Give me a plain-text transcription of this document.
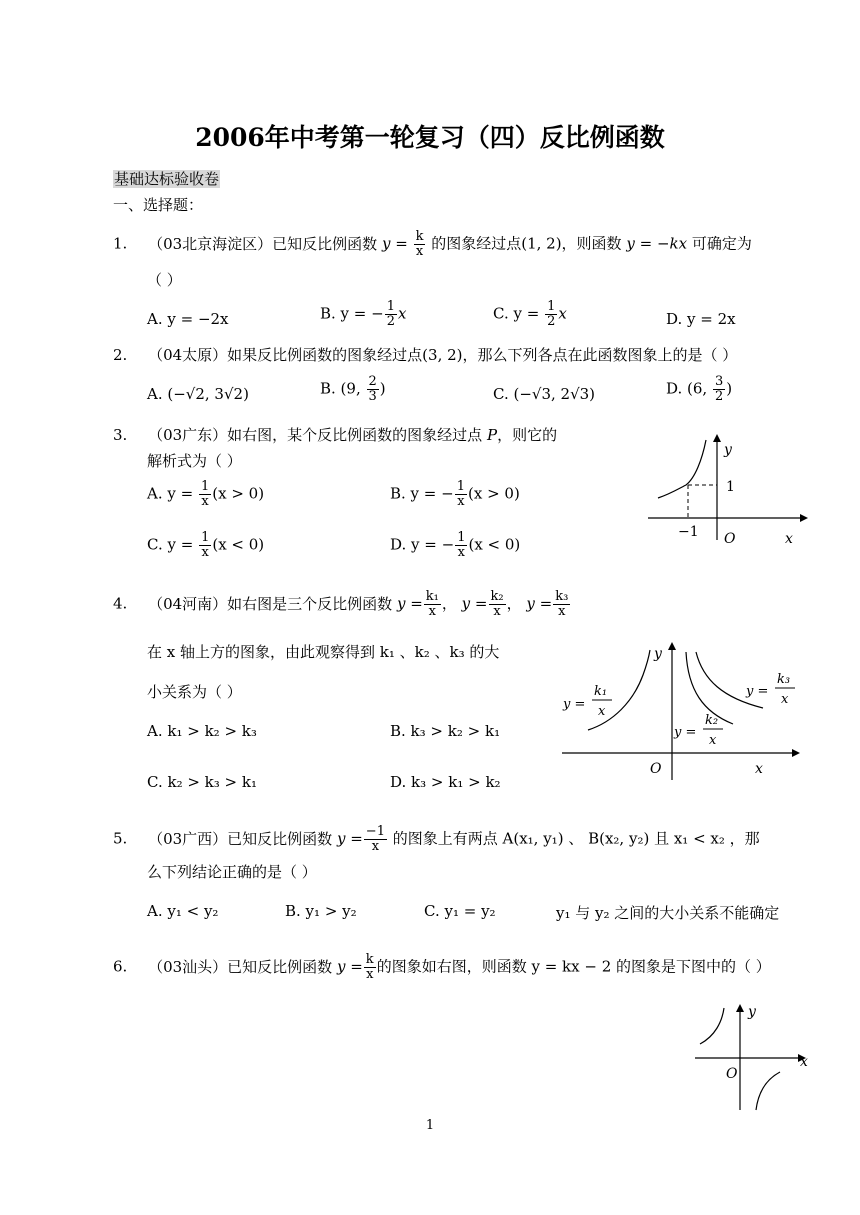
2006年中考第一轮复习（四）反比例函数
基础达标验收卷
一、选择题：
1. （03北京海淀区）已知反比例函数 $y = \frac{k}{x}$ 的图象经过点(1, 2)，则函数 y = −kx 可确定为
（ ）
A. y = −2x	B. y = − $\frac{1}{2}$ x	C. $y = \frac{1}{2}$ x	D. y = 2x
2. （04太原）如果反比例函数的图象经过点(3, 2)，那么下列各点在此函数图象上的是（ ）
A. (−√2, 3√2)	B. (9, $\frac{2}{3}$ )	C. (−√3, 2√3)	D. (6, $\frac{3}{2}$ )
3. （03广东）如右图，某个反比例函数的图象经过点 P，则它的
解析式为（ ）
A. $y = \frac{1}{x} (x > 0)$	B. y = − $\frac{1}{x} (x > 0)$
C. $y = \frac{1}{x} (x < 0)$	D. y = − $\frac{1}{x} (x < 0)$
y
1
−1 O	x
4. （04河南）如右图是三个反比例函数 $y = \frac{\text{k₁}}{x}$ ， $y = \frac{\text{k₂}}{x}$ ， $y = \frac{\text{k₃}}{x}$
在 x 轴上方的图象，由此观察得到 k₁ 、k₂ 、k₃ 的大
小关系为（ ）
A. k₁ > k₂ > k₃	B. k₃ > k₂ > k₁
C. k₂ > k₃ > k₁	D. k₃ > k₁ > k₂
y
O	x
y =
k₁
x
y =
k₂
x
y =
k₃
x
5. （03广西）已知反比例函数 $y = \frac{-1}{x}$ 的图象上有两点 A(x₁, y₁) 、 B(x₂, y₂) 且 x₁ < x₂ ，那
么下列结论正确的是（ ）
A. y₁ < y₂	B. y₁ > y₂	C. y₁ = y₂	y₁ 与 y₂ 之间的大小关系不能确定
6. （03汕头）已知反比例函数 $y = \frac{k}{x}$ 的图象如右图，则函数 y = kx − 2 的图象是下图中的（ ）
y
O
x
1
